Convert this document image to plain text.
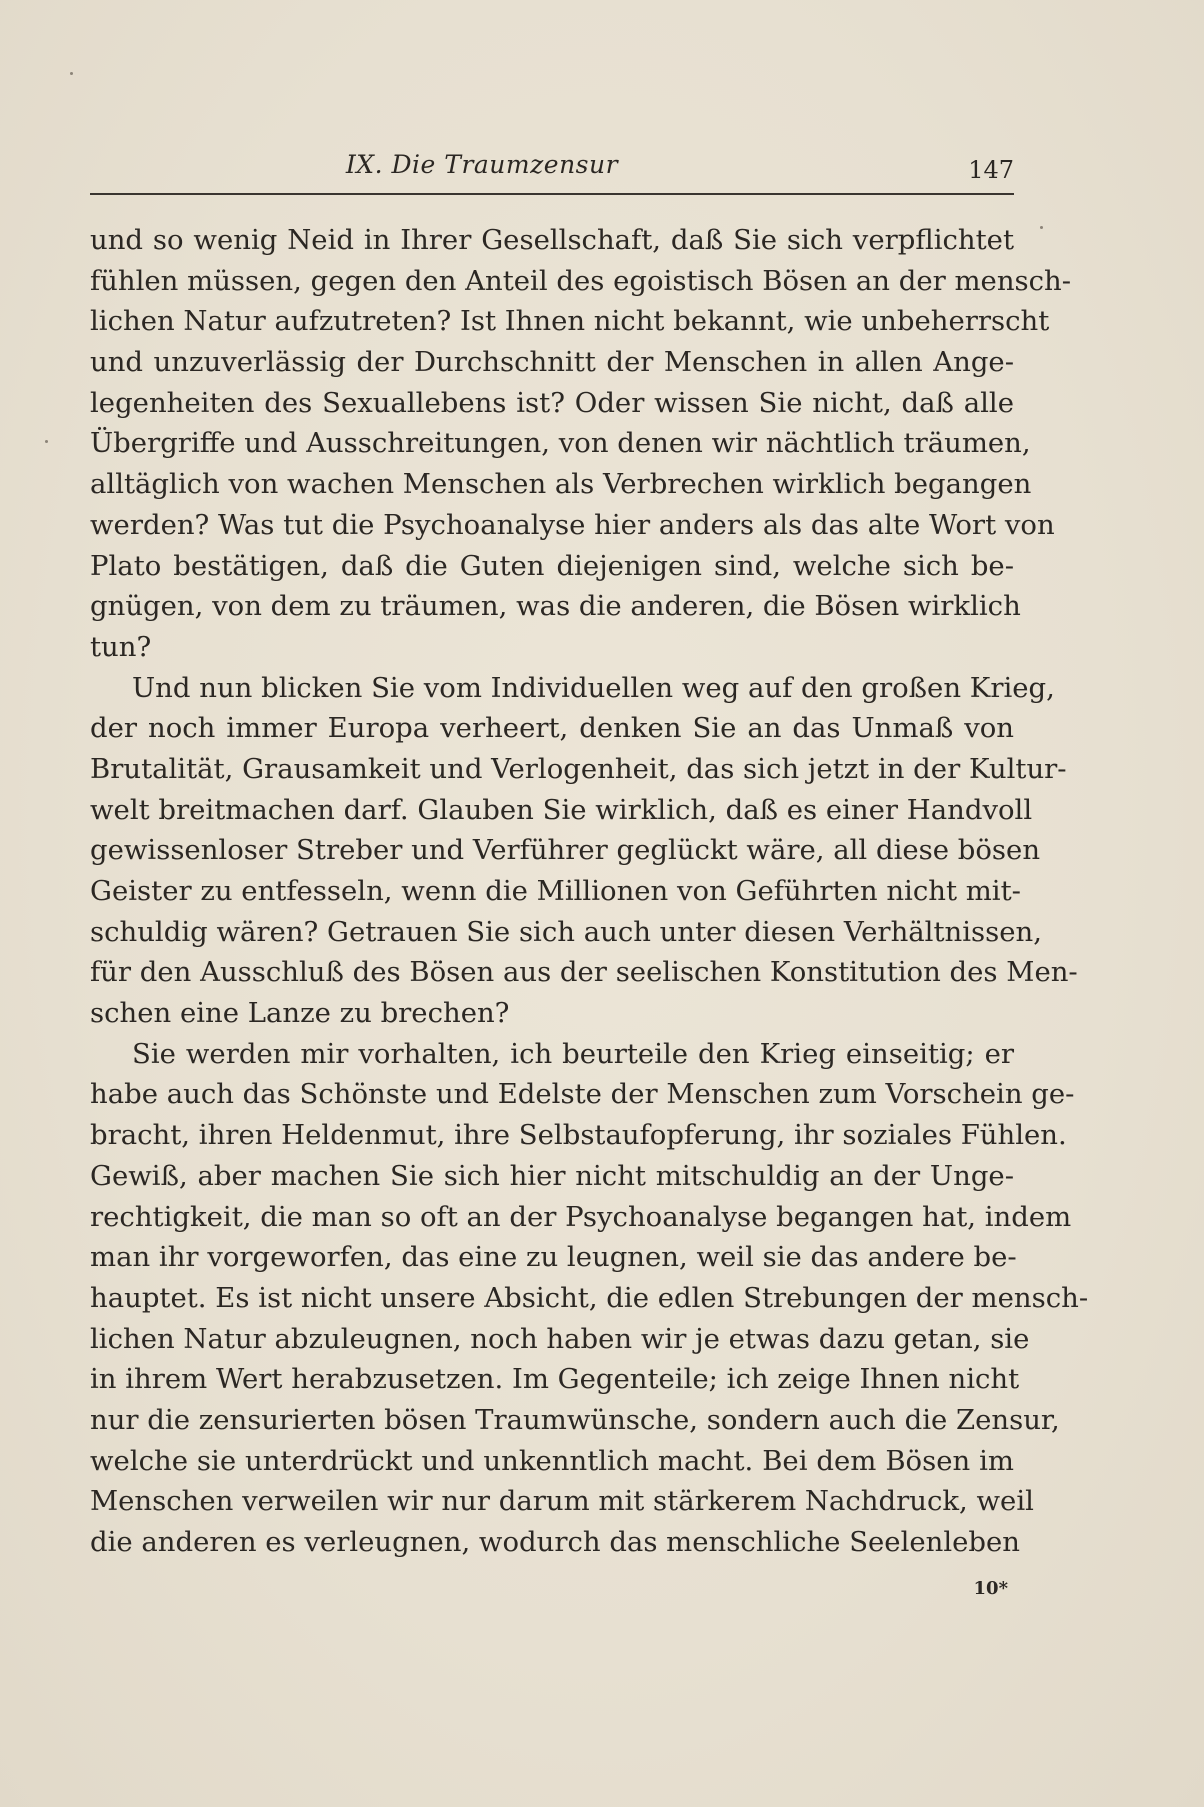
IX. Die Traumzensur	147
und so wenig Neid in Ihrer Gesellschaft, daß Sie sich verpflichtet
fühlen müssen, gegen den Anteil des egoistisch Bösen an der mensch-
lichen Natur aufzutreten? Ist Ihnen nicht bekannt, wie unbeherrscht
und unzuverlässig der Durchschnitt der Menschen in allen Ange-
legenheiten des Sexuallebens ist? Oder wissen Sie nicht, daß alle
Übergriffe und Ausschreitungen, von denen wir nächtlich träumen,
alltäglich von wachen Menschen als Verbrechen wirklich begangen
werden? Was tut die Psychoanalyse hier anders als das alte Wort von
Plato bestätigen, daß die Guten diejenigen sind, welche sich be-
gnügen, von dem zu träumen, was die anderen, die Bösen wirklich
tun?
Und nun blicken Sie vom Individuellen weg auf den großen Krieg,
der noch immer Europa verheert, denken Sie an das Unmaß von
Brutalität, Grausamkeit und Verlogenheit, das sich jetzt in der Kultur-
welt breitmachen darf. Glauben Sie wirklich, daß es einer Handvoll
gewissenloser Streber und Verführer geglückt wäre, all diese bösen
Geister zu entfesseln, wenn die Millionen von Geführten nicht mit-
schuldig wären? Getrauen Sie sich auch unter diesen Verhältnissen,
für den Ausschluß des Bösen aus der seelischen Konstitution des Men-
schen eine Lanze zu brechen?
Sie werden mir vorhalten, ich beurteile den Krieg einseitig; er
habe auch das Schönste und Edelste der Menschen zum Vorschein ge-
bracht, ihren Heldenmut, ihre Selbstaufopferung, ihr soziales Fühlen.
Gewiß, aber machen Sie sich hier nicht mitschuldig an der Unge-
rechtigkeit, die man so oft an der Psychoanalyse begangen hat, indem
man ihr vorgeworfen, das eine zu leugnen, weil sie das andere be-
hauptet. Es ist nicht unsere Absicht, die edlen Strebungen der mensch-
lichen Natur abzuleugnen, noch haben wir je etwas dazu getan, sie
in ihrem Wert herabzusetzen. Im Gegenteile; ich zeige Ihnen nicht
nur die zensurierten bösen Traumwünsche, sondern auch die Zensur,
welche sie unterdrückt und unkenntlich macht. Bei dem Bösen im
Menschen verweilen wir nur darum mit stärkerem Nachdruck, weil
die anderen es verleugnen, wodurch das menschliche Seelenleben
10*
